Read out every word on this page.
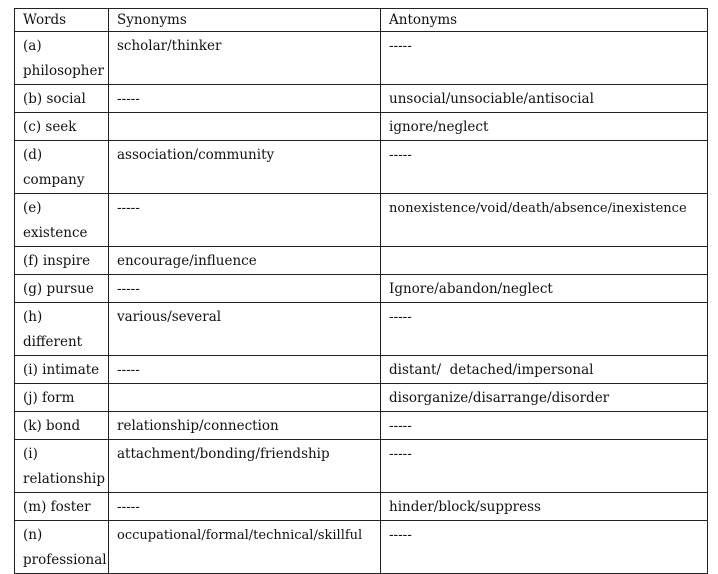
Words	Synonyms	Antonyms

(a)
philosopher	scholar/thinker	-----
(b) social	-----	unsocial/unsociable/antisocial
(c) seek		ignore/neglect

(d)
company	association/community	-----

(e)
existence	-----	nonexistence/void/death/absence/inexistence
(f) inspire	encourage/influence	
(g) pursue	-----	Ignore/abandon/neglect

(h)
different	various/several	-----
(i) intimate	-----	distant/  detached/impersonal
(j) form		disorganize/disarrange/disorder
(k) bond	relationship/connection	-----

(i)
relationship	attachment/bonding/friendship	-----
(m) foster	-----	hinder/block/suppress

(n)
professional	occupational/formal/technical/skillful	-----
